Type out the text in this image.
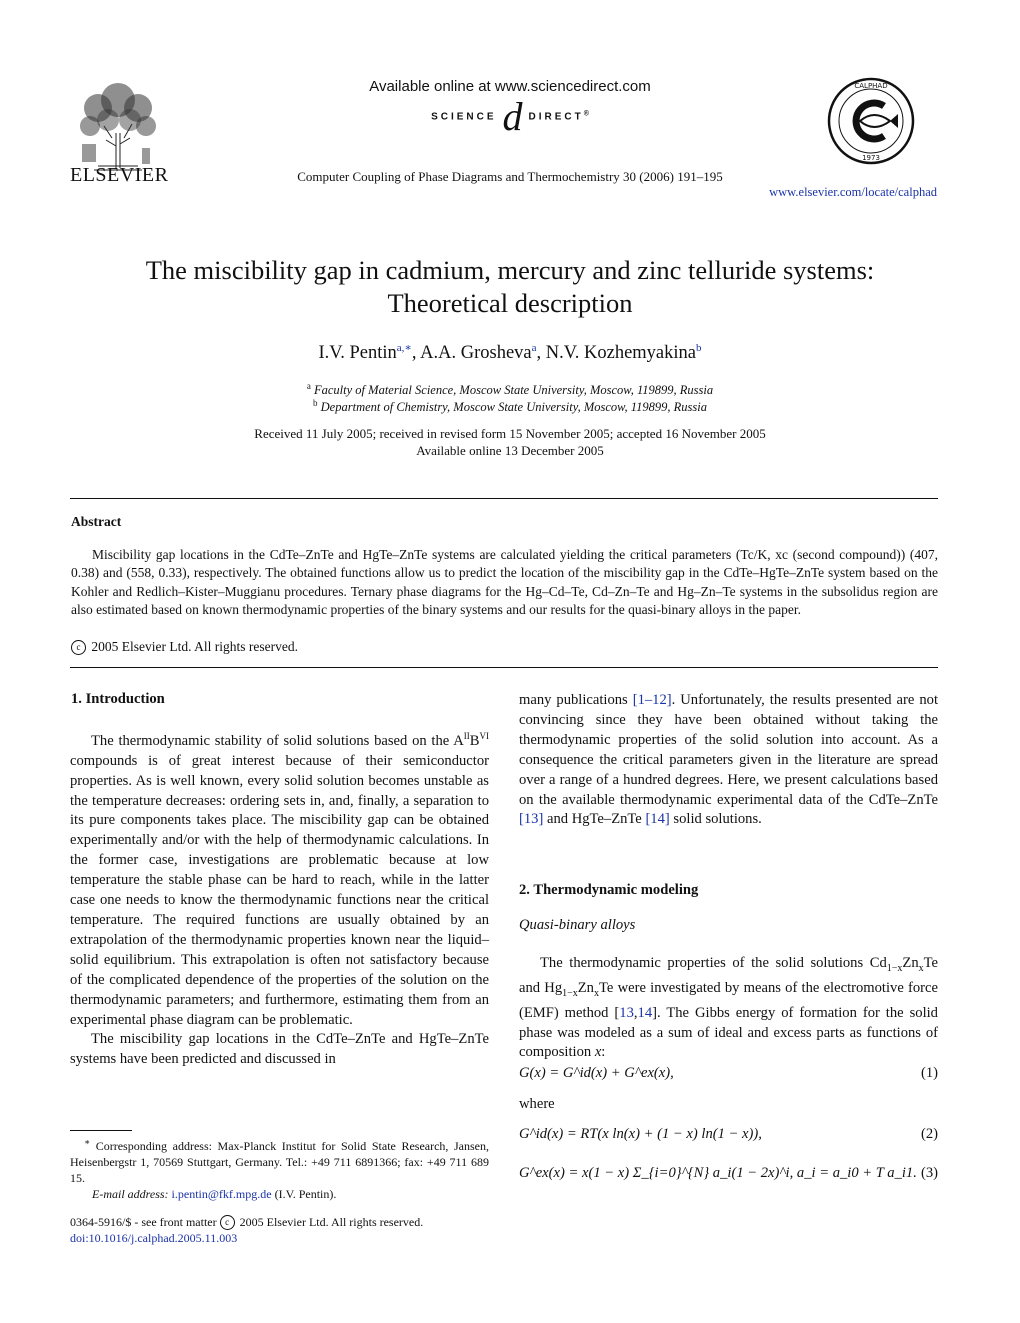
ELSEVIER
Available online at www.sciencedirect.com
SCIENCE d DIRECT®
Computer Coupling of Phase Diagrams and Thermochemistry 30 (2006) 191–195
CALPHAD
1973
www.elsevier.com/locate/calphad
The miscibility gap in cadmium, mercury and zinc telluride systems:
Theoretical description
I.V. Pentin$^{a,∗}$, A.A. Grosheva$^a$, N.V. Kozhemyakina$^b$
$^a$ Faculty of Material Science, Moscow State University, Moscow, 119899, Russia
$^b$ Department of Chemistry, Moscow State University, Moscow, 119899, Russia
Received 11 July 2005; received in revised form 15 November 2005; accepted 16 November 2005
Available online 13 December 2005
Abstract

Miscibility gap locations in the CdTe–ZnTe and HgTe–ZnTe systems are calculated yielding the critical parameters (Tc/K, xc (second compound)) (407, 0.38) and (558, 0.33), respectively. The obtained functions allow us to predict the location of the miscibility gap in the CdTe–HgTe–ZnTe system based on the Kohler and Redlich–Kister–Muggianu procedures. Ternary phase diagrams for the Hg–Cd–Te, Cd–Zn–Te and Hg–Zn–Te systems in the subsolidus region are also estimated based on known thermodynamic properties of the binary systems and our results for the quasi-binary alloys in the paper.

c 2005 Elsevier Ltd. All rights reserved.
1. Introduction

The thermodynamic stability of solid solutions based on the $A^{II}B^{VI}$ compounds is of great interest because of their semiconductor properties. As is well known, every solid solution becomes unstable as the temperature decreases: ordering sets in, and, finally, a separation to its pure components takes place. The miscibility gap can be obtained experimentally and/or with the help of thermodynamic calculations. In the former case, investigations are problematic because at low temperature the stable phase can be hard to reach, while in the latter case one needs to know the thermodynamic functions near the critical temperature. The required functions are usually obtained by an extrapolation of the thermodynamic properties known near the liquid–solid equilibrium. This extrapolation is often not satisfactory because of the complicated dependence of the properties of the solution on the thermodynamic parameters; and furthermore, estimating them from an experimental phase diagram can be problematic.

The miscibility gap locations in the CdTe–ZnTe and HgTe–ZnTe systems have been predicted and discussed in

∗ Corresponding address: Max-Planck Institut for Solid State Research, Jansen, Heisenbergstr 1, 70569 Stuttgart, Germany. Tel.: +49 711 6891366; fax: +49 711 689 15.
E-mail address: i.pentin@fkf.mpg.de (I.V. Pentin).
0364-5916/$ - see front matter c 2005 Elsevier Ltd. All rights reserved.
doi:10.1016/j.calphad.2005.11.003

many publications [1–12]. Unfortunately, the results presented are not convincing since they have been obtained without taking the thermodynamic properties of the solid solution into account. As a consequence the critical parameters given in the literature are spread over a range of a hundred degrees. Here, we present calculations based on the available thermodynamic experimental data of the CdTe–ZnTe [13] and HgTe–ZnTe [14] solid solutions.

2. Thermodynamic modeling
Quasi-binary alloys

The thermodynamic properties of the solid solutions $Cd_{1-x}Zn_xTe$ and $Hg_{1-x}Zn_xTe$ were investigated by means of the electromotive force (EMF) method [13,14]. The Gibbs energy of formation for the solid phase was modeled as a sum of ideal and excess parts as functions of composition x:

G(x) = G^id(x) + G^ex(x),	(1)
where
G^id(x) = RT(x ln(x) + (1 − x) ln(1 − x)),	(2)
G^ex(x) = x(1 − x) Σ_{i=0}^{N} a_i(1 − 2x)^i, a_i = a_i0 + T a_i1. (3)
